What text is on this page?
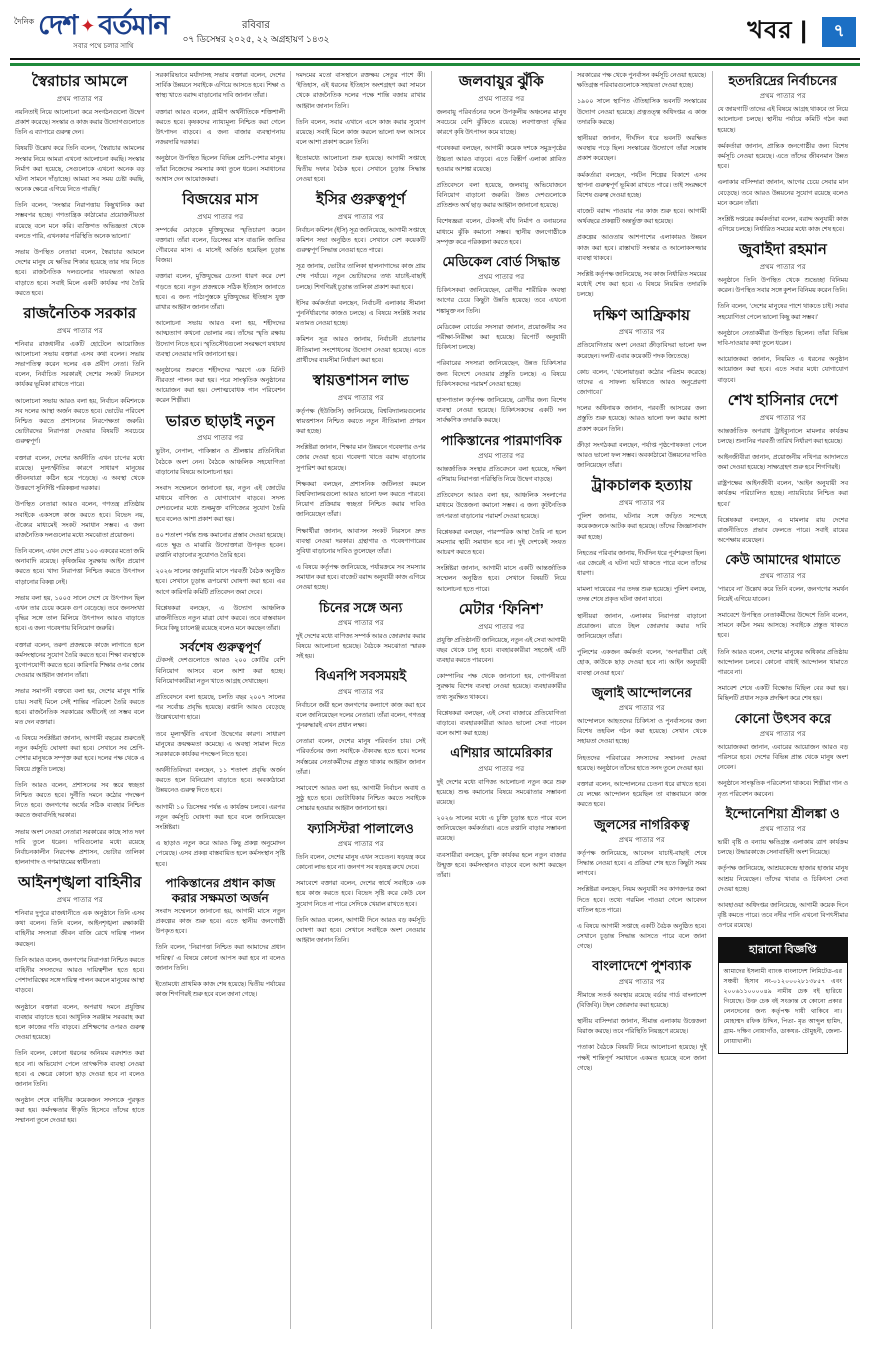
দৈনিক দেশ ✦ বর্তমান
সবার পথে চলার সাথি
রবিবার
০৭ ডিসেম্বর ২০২৫, ২২ অগ্রহায়ণ ১৪৩২	খবর |	৭
স্বৈরাচার আমলে
প্রথম পাতার পর

নয়নিতাই নিয়ে আলোচনা করে সংগঠনগুলো উদ্বেগ প্রকাশ করেছে। সংস্কার ও কাজ করার উদ্যোগগুলোতে তিনি এ ব্যাপারে গুরুত্ব দেন।

বিষয়টি উল্লেখ করে তিনি বলেন, ‘স্বৈরাচার আমলের সংস্কার নিয়ে আমরা এখনো আলোচনা করছি। সংস্কার নির্মাণ করা হয়েছে, সেগুলোকে এখনো অনেক বড় ঘটনা সামনে দাঁড়াচ্ছে। আমরা সব সময় চেষ্টা করছি, অনেক ক্ষেত্রে এগিয়ে নিতে পারছি।’

তিনি বলেন, ‘সংস্কার নিরাপত্তায় কিছুখানিক করা সম্ভবপর হচ্ছে। গণতান্ত্রিক কাঠামোর প্রয়োজনীয়তা রয়েছে বলে মনে করি। ব্যক্তিগত অভিজ্ঞতা থেকে বলতে পারি, এখনকার পরিস্থিতি অনেক ভালো।’

সভায় উপস্থিত নেতারা বলেন, স্বৈরাচার আমলে দেশের মানুষ যে ক্ষতির শিকার হয়েছে তার দায় নিতে হবে। রাজনৈতিক দলগুলোর দায়বদ্ধতা আরও বাড়াতে হবে। সবাই মিলে একটি কার্যকর পথ তৈরি করতে হবে।

রাজনৈতিক সরকার
প্রথম পাতার পর

শনিবার রাজধানীর একটি হোটেলে আয়োজিত আলোচনা সভায় বক্তারা এসব কথা বলেন। সভায় সভাপতিত্ব করেন দলের এক প্রবীণ নেতা। তিনি বলেন, নির্বাচিত সরকারই দেশের সংকট নিরসনে কার্যকর ভূমিকা রাখতে পারে।

আলোচনা সভায় আরও বলা হয়, নির্বাচন কমিশনকে সব দলের আস্থা অর্জন করতে হবে। ভোটের পরিবেশ নিশ্চিত করতে প্রশাসনের নিরপেক্ষতা জরুরি। ভোটারদের নিরাপত্তা দেওয়ার বিষয়টি সবচেয়ে গুরুত্বপূর্ণ।

বক্তারা বলেন, দেশের অর্থনীতি এখন চাপের মধ্যে রয়েছে। মূল্যস্ফীতির কারণে সাধারণ মানুষের জীবনযাত্রা কঠিন হয়ে পড়েছে। এ অবস্থা থেকে উত্তরণে সুনির্দিষ্ট পরিকল্পনা দরকার।

উপস্থিত নেতারা আরও বলেন, গণতন্ত্র প্রতিষ্ঠায় সবাইকে একসঙ্গে কাজ করতে হবে। বিভেদ নয়, ঐক্যের মাধ্যমেই সংকট সমাধান সম্ভব। এ জন্য রাজনৈতিক দলগুলোর মধ্যে সমঝোতা প্রয়োজন।

তিনি বলেন, এখন দেশে প্রায় ১০০ একরের মতো জমি অনাবাদি রয়েছে। কৃষিজমির সুরক্ষায় আইন প্রয়োগ করতে হবে। খাদ্য নিরাপত্তা নিশ্চিত করতে উৎপাদন বাড়ানোর বিকল্প নেই।

সভায় বলা হয়, ১০০৫ সালে দেশে যে উৎপাদন ছিল এখন তার চেয়ে কয়েক গুণ বেড়েছে। তবে জনসংখ্যা বৃদ্ধির সঙ্গে তাল মিলিয়ে উৎপাদন আরও বাড়াতে হবে। এ জন্য গবেষণায় বিনিয়োগ জরুরি।

বক্তারা বলেন, তরুণ প্রজন্মকে কাজে লাগাতে হলে কর্মসংস্থানের সুযোগ তৈরি করতে হবে। শিক্ষা ব্যবস্থাকে যুগোপযোগী করতে হবে। কারিগরি শিক্ষার ওপর জোর দেওয়ার আহ্বান জানান তাঁরা।

সভার সমাপনী বক্তব্যে বলা হয়, দেশের মানুষ শান্তি চায়। সবাই মিলে সেই শান্তির পরিবেশ তৈরি করতে হবে। রাজনৈতিক সরকারের অধীনেই তা সম্ভব বলে মত দেন বক্তারা।

এ বিষয়ে সংশ্লিষ্টরা জানান, আগামী বছরের শুরুতেই নতুন কর্মসূচি ঘোষণা করা হবে। সেখানে সব শ্রেণি-পেশার মানুষকে সম্পৃক্ত করা হবে। দলের পক্ষ থেকে এ বিষয়ে প্রস্তুতি চলছে।

তিনি আরও বলেন, প্রশাসনের সব স্তরে স্বচ্ছতা নিশ্চিত করতে হবে। দুর্নীতি দমনে কঠোর পদক্ষেপ নিতে হবে। জনগণের অর্থের সঠিক ব্যবহার নিশ্চিত করতে জবাবদিহি দরকার।

সভায় অংশ নেওয়া নেতারা সরকারের কাছে সাত দফা দাবি তুলে ধরেন। দাবিগুলোর মধ্যে রয়েছে নির্বাচনকালীন নিরপেক্ষ প্রশাসন, ভোটার তালিকা হালনাগাদ ও গণমাধ্যমের স্বাধীনতা।

আইনশৃঙ্খলা বাহিনীর
প্রথম পাতার পর

শনিবার দুপুরে রাজধানীতে এক অনুষ্ঠানে তিনি এসব কথা বলেন। তিনি বলেন, আইনশৃঙ্খলা রক্ষাকারী বাহিনীর সদস্যরা জীবন বাজি রেখে দায়িত্ব পালন করছেন।

তিনি আরও বলেন, জনগণের নিরাপত্তা নিশ্চিত করতে বাহিনীর সদস্যদের আরও দায়িত্বশীল হতে হবে। পেশাদারিত্বের সঙ্গে দায়িত্ব পালন করলে মানুষের আস্থা বাড়বে।

অনুষ্ঠানে বক্তারা বলেন, অপরাধ দমনে প্রযুক্তির ব্যবহার বাড়াতে হবে। আধুনিক সরঞ্জাম সরবরাহ করা হলে কাজের গতি বাড়বে। প্রশিক্ষণের ওপরও গুরুত্ব দেওয়া হয়েছে।

তিনি বলেন, কোনো ধরনের অনিয়ম বরদাশত করা হবে না। অভিযোগ পেলে তাৎক্ষণিক ব্যবস্থা নেওয়া হবে। এ ক্ষেত্রে কোনো ছাড় দেওয়া হবে না বলেও জানান তিনি।

অনুষ্ঠান শেষে বাহিনীর কয়েকজন সদস্যকে পুরস্কৃত করা হয়। কর্মদক্ষতার স্বীকৃতি হিসেবে তাঁদের হাতে সম্মাননা তুলে দেওয়া হয়।

সরকারিভাবে মর্যাদাসহ সভায় বক্তারা বলেন, দেশের সার্বিক উন্নয়নে সবাইকে এগিয়ে আসতে হবে। শিক্ষা ও স্বাস্থ্য খাতে বরাদ্দ বাড়ানোর দাবি জানান তাঁরা।

বক্তারা আরও বলেন, গ্রামীণ অর্থনীতিকে শক্তিশালী করতে হবে। কৃষকদের ন্যায্যমূল্য নিশ্চিত করা গেলে উৎপাদন বাড়বে। এ জন্য বাজার ব্যবস্থাপনায় নজরদারি দরকার।

অনুষ্ঠানে উপস্থিত ছিলেন বিভিন্ন শ্রেণি-পেশার মানুষ। তাঁরা নিজেদের সমস্যার কথা তুলে ধরেন। সমাধানের আশ্বাস দেন আয়োজকরা।

বিজয়ের মাস
প্রথম পাতার পর

সম্পর্কের মোড়কে মুক্তিযুদ্ধের স্মৃতিচারণ করেন বক্তারা। তাঁরা বলেন, ডিসেম্বর মাস বাঙালি জাতির গৌরবের মাস। এ মাসেই অর্জিত হয়েছিল চূড়ান্ত বিজয়।

বক্তারা বলেন, মুক্তিযুদ্ধের চেতনা ধারণ করে দেশ গড়তে হবে। নতুন প্রজন্মকে সঠিক ইতিহাস জানাতে হবে। এ জন্য পাঠ্যপুস্তকে মুক্তিযুদ্ধের ইতিহাস যুক্ত রাখার আহ্বান জানান তাঁরা।

আলোচনা সভায় আরও বলা হয়, শহীদদের আত্মত্যাগ কখনো ভোলার নয়। তাঁদের স্মৃতি রক্ষায় উদ্যোগ নিতে হবে। স্মৃতিসৌধগুলো সংরক্ষণে যথাযথ ব্যবস্থা নেওয়ার দাবি জানানো হয়।

অনুষ্ঠানের শুরুতে শহীদদের স্মরণে এক মিনিট নীরবতা পালন করা হয়। পরে সাংস্কৃতিক অনুষ্ঠানের আয়োজন করা হয়। দেশাত্মবোধক গান পরিবেশন করেন শিল্পীরা।

ভারত ছাড়াই নতুন
প্রথম পাতার পর

ভুটান, নেপাল, পাকিস্তান ও শ্রীলঙ্কার প্রতিনিধিরা বৈঠকে অংশ নেন। বৈঠকে আঞ্চলিক সহযোগিতা বাড়ানোর বিষয়ে আলোচনা হয়।

সংবাদ সম্মেলনে জানানো হয়, নতুন এই জোটের মাধ্যমে বাণিজ্য ও যোগাযোগ বাড়বে। সদস্য দেশগুলোর মধ্যে শুল্কমুক্ত বাণিজ্যের সুযোগ তৈরি হবে বলেও আশা প্রকাশ করা হয়।

৪০ শতাংশ পর্যন্ত শুল্ক কমানোর প্রস্তাব দেওয়া হয়েছে। এতে ক্ষুদ্র ও মাঝারি উদ্যোক্তারা উপকৃত হবেন। রপ্তানি বাড়ানোর সুযোগও তৈরি হবে।

২০২৬ সালের জানুয়ারি মাসে পরবর্তী বৈঠক অনুষ্ঠিত হবে। সেখানে চূড়ান্ত রূপরেখা ঘোষণা করা হবে। এর আগে কারিগরি কমিটি প্রতিবেদন জমা দেবে।

বিশ্লেষকরা বলছেন, এ উদ্যোগ আঞ্চলিক রাজনীতিতে নতুন মাত্রা যোগ করবে। তবে বাস্তবায়ন নিয়ে কিছু চ্যালেঞ্জ রয়েছে বলেও মনে করছেন তাঁরা।

সর্বশেষ গুরুত্বপূর্ণ

টেকসই দেশগুলোতে আরও ২০০ কোটির বেশি বিনিয়োগ আসবে বলে আশা করা হচ্ছে। বিনিয়োগকারীরা নতুন খাতে আগ্রহ দেখাচ্ছেন।

প্রতিবেদনে বলা হয়েছে, চলতি বছর ২০০৭ সালের পর সর্বোচ্চ প্রবৃদ্ধি হয়েছে। রপ্তানি আয়ও বেড়েছে উল্লেখযোগ্য হারে।

তবে মূল্যস্ফীতি এখনো উদ্বেগের কারণ। সাধারণ মানুষের ক্রয়ক্ষমতা কমেছে। এ অবস্থা সামাল দিতে সরকারকে কার্যকর পদক্ষেপ নিতে হবে।

অর্থনীতিবিদরা বলছেন, ১১ শতাংশ প্রবৃদ্ধি অর্জন করতে হলে বিনিয়োগ বাড়াতে হবে। অবকাঠামো উন্নয়নেও গুরুত্ব দিতে হবে।

আগামী ১০ ডিসেম্বর পর্যন্ত এ কার্যক্রম চলবে। এরপর নতুন কর্মসূচি ঘোষণা করা হবে বলে জানিয়েছেন সংশ্লিষ্টরা।

এ ছাড়াও নতুন করে আরও কিছু প্রকল্প অনুমোদন পেয়েছে। এসব প্রকল্প বাস্তবায়িত হলে কর্মসংস্থান সৃষ্টি হবে।

পাকিস্তানের প্রধান কাজ করার সক্ষমতা অর্জন

সংবাদ সম্মেলনে জানানো হয়, আগামী মাসে নতুন প্রকল্পের কাজ শুরু হবে। এতে স্থানীয় জনগোষ্ঠী উপকৃত হবে।

তিনি বলেন, ‘নিরাপত্তা নিশ্চিত করা আমাদের প্রধান দায়িত্ব।’ এ বিষয়ে কোনো আপস করা হবে না বলেও জানান তিনি।

ইতোমধ্যে প্রাথমিক কাজ শেষ হয়েছে। দ্বিতীয় পর্যায়ের কাজ শিগগিরই শুরু হবে বলে জানা গেছে।

দমদমের মতো বাসস্থানে রক্তক্ষয় সেতুর পাশে কী। ‘ইতিহাস, এই ধরনের ইতিহাস অংশগ্রহণ করা সামনে থেকে রাজনৈতিক দলের পক্ষে শান্তি বজায় রাখার আহ্বান জানান তিনি।

তিনি বলেন, সবার এখানে এসে কাজ করার সুযোগ রয়েছে। সবাই মিলে কাজ করলে ভালো ফল আসবে বলে আশা প্রকাশ করেন তিনি।

ইতোমধ্যে আলোচনা শুরু হয়েছে। আগামী সপ্তাহে দ্বিতীয় দফার বৈঠক হবে। সেখানে চূড়ান্ত সিদ্ধান্ত নেওয়া হবে।

ইসির গুরুত্বপূর্ণ
প্রথম পাতার পর

নির্বাচন কমিশন (ইসি) সূত্র জানিয়েছে, আগামী সপ্তাহে কমিশন সভা অনুষ্ঠিত হবে। সেখানে বেশ কয়েকটি গুরুত্বপূর্ণ সিদ্ধান্ত নেওয়া হতে পারে।

সূত্র জানায়, ভোটার তালিকা হালনাগাদের কাজ প্রায় শেষ পর্যায়ে। নতুন ভোটারদের তথ্য যাচাই-বাছাই চলছে। শিগগিরই চূড়ান্ত তালিকা প্রকাশ করা হবে।

ইসির কর্মকর্তারা বলছেন, নির্বাচনী এলাকার সীমানা পুনর্নির্ধারণের কাজও চলছে। এ বিষয়ে সংশ্লিষ্ট সবার মতামত নেওয়া হচ্ছে।

কমিশন সূত্র আরও জানায়, নির্বাচনী প্রচারণার নীতিমালা সংশোধনের উদ্যোগ নেওয়া হয়েছে। এতে প্রার্থীদের ব্যয়সীমা নির্ধারণ করা হবে।

স্বায়ত্তশাসন লাভ
প্রথম পাতার পর

কর্তৃপক্ষ (ইউজিসি) জানিয়েছে, বিশ্ববিদ্যালয়গুলোর স্বায়ত্তশাসন নিশ্চিত করতে নতুন নীতিমালা প্রণয়ন করা হচ্ছে।

সংশ্লিষ্টরা জানান, শিক্ষার মান উন্নয়নে গবেষণার ওপর জোর দেওয়া হবে। গবেষণা খাতে বরাদ্দ বাড়ানোর সুপারিশ করা হয়েছে।

শিক্ষকরা বলছেন, প্রশাসনিক জটিলতা কমলে বিশ্ববিদ্যালয়গুলো আরও ভালো ফল করতে পারবে। নিয়োগ প্রক্রিয়ায় স্বচ্ছতা নিশ্চিত করার দাবিও জানিয়েছেন তাঁরা।

শিক্ষার্থীরা জানান, আবাসন সংকট নিরসনে দ্রুত ব্যবস্থা নেওয়া দরকার। গ্রন্থাগার ও গবেষণাগারের সুবিধা বাড়ানোর দাবিও তুলেছেন তাঁরা।

এ বিষয়ে কর্তৃপক্ষ জানিয়েছে, পর্যায়ক্রমে সব সমস্যার সমাধান করা হবে। বাজেট বরাদ্দ অনুযায়ী কাজ এগিয়ে নেওয়া হচ্ছে।

চিনের সঙ্গে অন্য
প্রথম পাতার পর

দুই দেশের মধ্যে বাণিজ্য সম্পর্ক আরও জোরদার করার বিষয়ে আলোচনা হয়েছে। বৈঠকে সমঝোতা স্মারক সই হয়।

বিএনপি সবসময়ই
প্রথম পাতার পর

নির্বাচনে জয়ী হলে জনগণের কল্যাণে কাজ করা হবে বলে জানিয়েছেন দলের নেতারা। তাঁরা বলেন, গণতন্ত্র পুনরুদ্ধারই এখন প্রধান লক্ষ্য।

নেতারা বলেন, দেশের মানুষ পরিবর্তন চায়। সেই পরিবর্তনের জন্য সবাইকে ঐক্যবদ্ধ হতে হবে। দলের সর্বস্তরের নেতাকর্মীদের প্রস্তুত থাকার আহ্বান জানান তাঁরা।

সমাবেশে আরও বলা হয়, আগামী নির্বাচন অবাধ ও সুষ্ঠু হতে হবে। ভোটাধিকার নিশ্চিত করতে সবাইকে সোচ্চার হওয়ার আহ্বান জানানো হয়।

ফ্যাসিস্টরা পালালেও
প্রথম পাতার পর

তিনি বলেন, দেশের মানুষ এখন সচেতন। ষড়যন্ত্র করে কোনো লাভ হবে না। জনগণ সব ষড়যন্ত্র রুখে দেবে।

সমাবেশে বক্তারা বলেন, দেশের স্বার্থে সবাইকে এক হয়ে কাজ করতে হবে। বিভেদ সৃষ্টি করে কেউ যেন সুযোগ নিতে না পারে সেদিকে খেয়াল রাখতে হবে।

তিনি আরও বলেন, আগামী দিনে আরও বড় কর্মসূচি ঘোষণা করা হবে। সেখানে সবাইকে অংশ নেওয়ার আহ্বান জানান তিনি।

জলবায়ুর ঝুঁকি
প্রথম পাতার পর

জলবায়ু পরিবর্তনের ফলে উপকূলীয় অঞ্চলের মানুষ সবচেয়ে বেশি ঝুঁকিতে রয়েছে। লবণাক্ততা বৃদ্ধির কারণে কৃষি উৎপাদন কমে যাচ্ছে।

গবেষকরা বলছেন, আগামী কয়েক দশকে সমুদ্রপৃষ্ঠের উচ্চতা আরও বাড়বে। এতে বিস্তীর্ণ এলাকা প্লাবিত হওয়ার আশঙ্কা রয়েছে।

প্রতিবেদনে বলা হয়েছে, জলবায়ু অভিযোজনে বিনিয়োগ বাড়ানো জরুরি। উন্নত দেশগুলোকে প্রতিশ্রুত অর্থ ছাড় করার আহ্বান জানানো হয়েছে।

বিশেষজ্ঞরা বলেন, টেকসই বাঁধ নির্মাণ ও বনায়নের মাধ্যমে ঝুঁকি কমানো সম্ভব। স্থানীয় জনগোষ্ঠীকে সম্পৃক্ত করে পরিকল্পনা করতে হবে।

মেডিকেল বোর্ড সিদ্ধান্ত
প্রথম পাতার পর

চিকিৎসকরা জানিয়েছেন, রোগীর শারীরিক অবস্থা আগের চেয়ে কিছুটা উন্নতি হয়েছে। তবে এখনো শঙ্কামুক্ত নন তিনি।

মেডিকেল বোর্ডের সদস্যরা জানান, প্রয়োজনীয় সব পরীক্ষা-নিরীক্ষা করা হয়েছে। রিপোর্ট অনুযায়ী চিকিৎসা চলছে।

পরিবারের সদস্যরা জানিয়েছেন, উন্নত চিকিৎসার জন্য বিদেশে নেওয়ার প্রস্তুতি চলছে। এ বিষয়ে চিকিৎসকদের পরামর্শ নেওয়া হচ্ছে।

হাসপাতাল কর্তৃপক্ষ জানিয়েছে, রোগীর জন্য বিশেষ ব্যবস্থা নেওয়া হয়েছে। চিকিৎসকদের একটি দল সার্বক্ষণিক তদারকি করছে।

পাকিস্তানের পারমাণবিক
প্রথম পাতার পর

আন্তর্জাতিক সংস্থার প্রতিবেদনে বলা হয়েছে, দক্ষিণ এশিয়ায় নিরাপত্তা পরিস্থিতি নিয়ে উদ্বেগ বাড়ছে।

প্রতিবেদনে আরও বলা হয়, আঞ্চলিক সংলাপের মাধ্যমে উত্তেজনা কমানো সম্ভব। এ জন্য কূটনৈতিক তৎপরতা বাড়ানোর পরামর্শ দেওয়া হয়েছে।

বিশ্লেষকরা বলছেন, পারস্পরিক আস্থা তৈরি না হলে সমস্যার স্থায়ী সমাধান হবে না। দুই দেশকেই সংযত আচরণ করতে হবে।

সংশ্লিষ্টরা জানান, আগামী মাসে একটি আন্তর্জাতিক সম্মেলন অনুষ্ঠিত হবে। সেখানে বিষয়টি নিয়ে আলোচনা হতে পারে।

মেটার ‘ফিনিশ’
প্রথম পাতার পর

প্রযুক্তি প্রতিষ্ঠানটি জানিয়েছে, নতুন এই সেবা আগামী বছর থেকে চালু হবে। ব্যবহারকারীরা সহজেই এটি ব্যবহার করতে পারবেন।

কোম্পানির পক্ষ থেকে জানানো হয়, গোপনীয়তা সুরক্ষায় বিশেষ ব্যবস্থা নেওয়া হয়েছে। ব্যবহারকারীর তথ্য সুরক্ষিত থাকবে।

বিশ্লেষকরা বলছেন, এই সেবা বাজারে প্রতিযোগিতা বাড়াবে। ব্যবহারকারীরা আরও ভালো সেবা পাবেন বলে আশা করা হচ্ছে।

এশিয়ার আমেরিকার
প্রথম পাতার পর

দুই দেশের মধ্যে বাণিজ্য আলোচনা নতুন করে শুরু হয়েছে। শুল্ক কমানোর বিষয়ে সমঝোতার সম্ভাবনা রয়েছে।

২০২৬ সালের মধ্যে এ চুক্তি চূড়ান্ত হতে পারে বলে জানিয়েছেন কর্মকর্তারা। এতে রপ্তানি বাড়ার সম্ভাবনা রয়েছে।

ব্যবসায়ীরা বলছেন, চুক্তি কার্যকর হলে নতুন বাজার উন্মুক্ত হবে। কর্মসংস্থানও বাড়বে বলে আশা করছেন তাঁরা।

সরকারের পক্ষ থেকে পুনর্বাসন কর্মসূচি নেওয়া হয়েছে। ক্ষতিগ্রস্ত পরিবারগুলোকে সহায়তা দেওয়া হচ্ছে।

১৯০০ সালে স্থাপিত ঐতিহাসিক ভবনটি সংস্কারের উদ্যোগ নেওয়া হয়েছে। প্রত্নতত্ত্ব অধিদপ্তর এ কাজ তদারকি করছে।

স্থানীয়রা জানান, দীর্ঘদিন ধরে ভবনটি অরক্ষিত অবস্থায় পড়ে ছিল। সংস্কারের উদ্যোগে তাঁরা সন্তোষ প্রকাশ করেছেন।

কর্মকর্তারা বলছেন, পর্যটন শিল্পের বিকাশে এসব স্থাপনা গুরুত্বপূর্ণ ভূমিকা রাখতে পারে। তাই সংরক্ষণে বিশেষ গুরুত্ব দেওয়া হচ্ছে।

বাজেট বরাদ্দ পাওয়ার পর কাজ শুরু হবে। আগামী অর্থবছরে প্রকল্পটি অন্তর্ভুক্ত করা হয়েছে।

প্রকল্পের আওতায় আশপাশের এলাকায়ও উন্নয়ন কাজ করা হবে। রাস্তাঘাট সংস্কার ও আলোকসজ্জার ব্যবস্থা থাকবে।

সংশ্লিষ্ট কর্তৃপক্ষ জানিয়েছে, সব কাজ নির্ধারিত সময়ের মধ্যেই শেষ করা হবে। এ বিষয়ে নিয়মিত তদারকি চলছে।

দক্ষিণ আফ্রিকায়
প্রথম পাতার পর

প্রতিযোগিতায় অংশ নেওয়া ক্রীড়াবিদরা ভালো ফল করেছেন। দলটি এবার কয়েকটি পদক জিতেছে।

কোচ বলেন, ‘খেলোয়াড়রা কঠোর পরিশ্রম করেছে। তাদের এ সাফল্য ভবিষ্যতে আরও অনুপ্রেরণা জোগাবে।’

দলের অধিনায়ক জানান, পরবর্তী আসরের জন্য প্রস্তুতি শুরু হয়েছে। আরও ভালো ফল করার আশা প্রকাশ করেন তিনি।

ক্রীড়া সংগঠকরা বলছেন, পর্যাপ্ত পৃষ্ঠপোষকতা পেলে আরও ভালো ফল সম্ভব। অবকাঠামো উন্নয়নের দাবিও জানিয়েছেন তাঁরা।

ট্রাকচালক হত্যায়
প্রথম পাতার পর

পুলিশ জানায়, ঘটনার সঙ্গে জড়িত সন্দেহে কয়েকজনকে আটক করা হয়েছে। তাঁদের জিজ্ঞাসাবাদ করা হচ্ছে।

নিহতের পরিবার জানায়, দীর্ঘদিন ধরে পূর্বশত্রুতা ছিল। এর জেরেই এ ঘটনা ঘটে থাকতে পারে বলে তাঁদের ধারণা।

মামলা দায়েরের পর তদন্ত শুরু হয়েছে। পুলিশ বলছে, তদন্ত শেষে প্রকৃত ঘটনা জানা যাবে।

স্থানীয়রা জানান, এলাকায় নিরাপত্তা বাড়ানো প্রয়োজন। রাতে টহল জোরদার করার দাবি জানিয়েছেন তাঁরা।

পুলিশের একজন কর্মকর্তা বলেন, ‘অপরাধীরা যেই হোক, কাউকে ছাড় দেওয়া হবে না। আইন অনুযায়ী ব্যবস্থা নেওয়া হবে।’

জুলাই আন্দোলনের
প্রথম পাতার পর

আন্দোলনে আহতদের চিকিৎসা ও পুনর্বাসনের জন্য বিশেষ তহবিল গঠন করা হয়েছে। সেখান থেকে সহায়তা দেওয়া হচ্ছে।

নিহতদের পরিবারের সদস্যদের সম্মাননা দেওয়া হয়েছে। অনুষ্ঠানে তাঁদের হাতে সনদ তুলে দেওয়া হয়।

বক্তারা বলেন, আন্দোলনের চেতনা ধরে রাখতে হবে। যে লক্ষ্যে আন্দোলন হয়েছিল তা বাস্তবায়নে কাজ করতে হবে।

জুলসের নাগরিকত্ব
প্রথম পাতার পর

কর্তৃপক্ষ জানিয়েছে, আবেদন যাচাই-বাছাই শেষে সিদ্ধান্ত নেওয়া হবে। এ প্রক্রিয়া শেষ হতে কিছুটা সময় লাগবে।

সংশ্লিষ্টরা বলছেন, নিয়ম অনুযায়ী সব কাগজপত্র জমা দিতে হবে। তথ্যে গরমিল পাওয়া গেলে আবেদন বাতিল হতে পারে।

এ বিষয়ে আগামী সপ্তাহে একটি বৈঠক অনুষ্ঠিত হবে। সেখানে চূড়ান্ত সিদ্ধান্ত আসতে পারে বলে জানা গেছে।

বাংলাদেশে পুশব্যাক
প্রথম পাতার পর

সীমান্তে সতর্ক অবস্থায় রয়েছে বর্ডার গার্ড বাংলাদেশ (বিজিবি)। টহল জোরদার করা হয়েছে।

স্থানীয় বাসিন্দারা জানান, সীমান্ত এলাকায় উত্তেজনা বিরাজ করছে। তবে পরিস্থিতি নিয়ন্ত্রণে রয়েছে।

পতাকা বৈঠকে বিষয়টি নিয়ে আলোচনা হয়েছে। দুই পক্ষই শান্তিপূর্ণ সমাধানে একমত হয়েছে বলে জানা গেছে।

হতদরিদ্রের নির্বাচনের
প্রথম পাতার পর

যে জায়গাটি তাদের এই বিষয়ে আগ্রহ থাকবে তা নিয়ে আলোচনা চলছে। স্থানীয় পর্যায়ে কমিটি গঠন করা হয়েছে।

কর্মকর্তারা জানান, প্রান্তিক জনগোষ্ঠীর জন্য বিশেষ কর্মসূচি নেওয়া হয়েছে। এতে তাঁদের জীবনমান উন্নত হবে।

এলাকার বাসিন্দারা জানান, আগের চেয়ে সেবার মান বেড়েছে। তবে আরও উন্নয়নের সুযোগ রয়েছে বলেও মনে করেন তাঁরা।

সংশ্লিষ্ট দপ্তরের কর্মকর্তারা বলেন, বরাদ্দ অনুযায়ী কাজ এগিয়ে চলছে। নির্ধারিত সময়ের মধ্যে কাজ শেষ হবে।

জুবাইদা রহমান
প্রথম পাতার পর

অনুষ্ঠানে তিনি উপস্থিত থেকে শুভেচ্ছা বিনিময় করেন। উপস্থিত সবার সঙ্গে কুশল বিনিময় করেন তিনি।

তিনি বলেন, ‘দেশের মানুষের পাশে থাকতে চাই। সবার সহযোগিতা পেলে ভালো কিছু করা সম্ভব।’

অনুষ্ঠানে নেতাকর্মীরা উপস্থিত ছিলেন। তাঁরা বিভিন্ন দাবি-দাওয়ার কথা তুলে ধরেন।

আয়োজকরা জানান, নিয়মিত এ ধরনের অনুষ্ঠান আয়োজন করা হবে। এতে সবার মধ্যে যোগাযোগ বাড়বে।

শেখ হাসিনার দেশে
প্রথম পাতার পর

আন্তর্জাতিক অপরাধ ট্রাইব্যুনালে মামলার কার্যক্রম চলছে। শুনানির পরবর্তী তারিখ নির্ধারণ করা হয়েছে।

আইনজীবীরা জানান, প্রয়োজনীয় নথিপত্র আদালতে জমা দেওয়া হয়েছে। সাক্ষ্যগ্রহণ শুরু হবে শিগগিরই।

রাষ্ট্রপক্ষের আইনজীবী বলেন, ‘আইন অনুযায়ী সব কার্যক্রম পরিচালিত হচ্ছে। ন্যায়বিচার নিশ্চিত করা হবে।’

বিশ্লেষকরা বলছেন, এ মামলার রায় দেশের রাজনীতিতে প্রভাব ফেলতে পারে। সবাই রায়ের অপেক্ষায় রয়েছেন।

কেউ আমাদের থামাতে
প্রথম পাতার পর

‘পারবে না’ উল্লেখ করে তিনি বলেন, জনগণের সমর্থন নিয়েই এগিয়ে যাবেন।

সমাবেশে উপস্থিত নেতাকর্মীদের উদ্দেশে তিনি বলেন, সামনে কঠিন সময় আসছে। সবাইকে প্রস্তুত থাকতে হবে।

তিনি আরও বলেন, দেশের মানুষের অধিকার প্রতিষ্ঠায় আন্দোলন চলবে। কোনো বাধাই আন্দোলন থামাতে পারবে না।

সমাবেশ শেষে একটি বিক্ষোভ মিছিল বের করা হয়। মিছিলটি প্রধান সড়ক প্রদক্ষিণ করে শেষ হয়।

কোনো উৎসব করে
প্রথম পাতার পর

আয়োজকরা জানান, এবারের আয়োজন আরও বড় পরিসরে হবে। দেশের বিভিন্ন প্রান্ত থেকে মানুষ অংশ নেবেন।

অনুষ্ঠানে সাংস্কৃতিক পরিবেশনা থাকবে। শিল্পীরা গান ও নৃত্য পরিবেশন করবেন।

ইন্দোনেশিয়া শ্রীলঙ্কা ও
প্রথম পাতার পর

ভারী বৃষ্টি ও বন্যায় ক্ষতিগ্রস্ত এলাকায় ত্রাণ কার্যক্রম চলছে। উদ্ধারকাজে সেনাবাহিনী অংশ নিয়েছে।

কর্তৃপক্ষ জানিয়েছে, আশ্রয়কেন্দ্রে হাজার হাজার মানুষ আশ্রয় নিয়েছেন। তাঁদের খাবার ও চিকিৎসা সেবা দেওয়া হচ্ছে।

আবহাওয়া অধিদপ্তর জানিয়েছে, আগামী কয়েক দিনে বৃষ্টি কমতে পারে। তবে নদীর পানি এখনো বিপৎসীমার ওপরে রয়েছে।

হারানো বিজ্ঞপ্তি
আমাদের ইসলামী ব্যাংক বাংলাদেশ লিমিটেড-এর সঞ্চয়ী হিসাব নং-০১২০০০২৮১৩৮৫৭ এবং ২০০৬১১০০০০৪৯ নামীয় চেক বই হারিয়ে গিয়েছে। উক্ত চেক বই সংক্রান্ত যে কোনো প্রকার লেনদেনের জন্য কর্তৃপক্ষ দায়ী থাকিবে না। মোহাম্মদ রফিক উদ্দিন, পিতা- মৃত আব্দুল হামিদ, গ্রাম- দক্ষিণ নোয়াগাঁও, ডাকঘর- চৌমুহনী, জেলা- নোয়াখালী।
